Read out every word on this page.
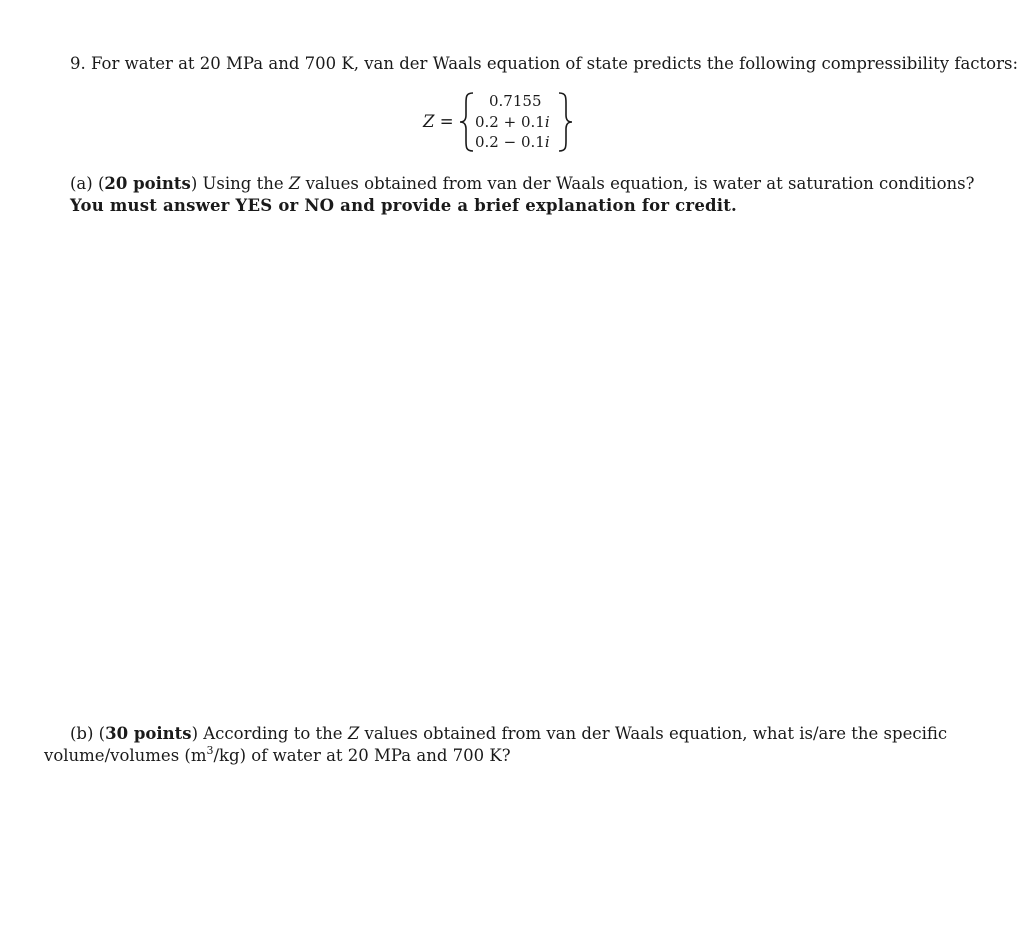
9. For water at 20 MPa and 700 K, van der Waals equation of state predicts the following compressibility factors:
Z =
0.7155
0.2 + 0.1i
0.2 − 0.1i
(a) (20 points) Using the Z values obtained from van der Waals equation, is water at saturation conditions?
You must answer YES or NO and provide a brief explanation for credit.
(b) (30 points) According to the Z values obtained from van der Waals equation, what is/are the specific
volume/volumes $(m^3/kg)$ of water at 20 MPa and 700 K?
